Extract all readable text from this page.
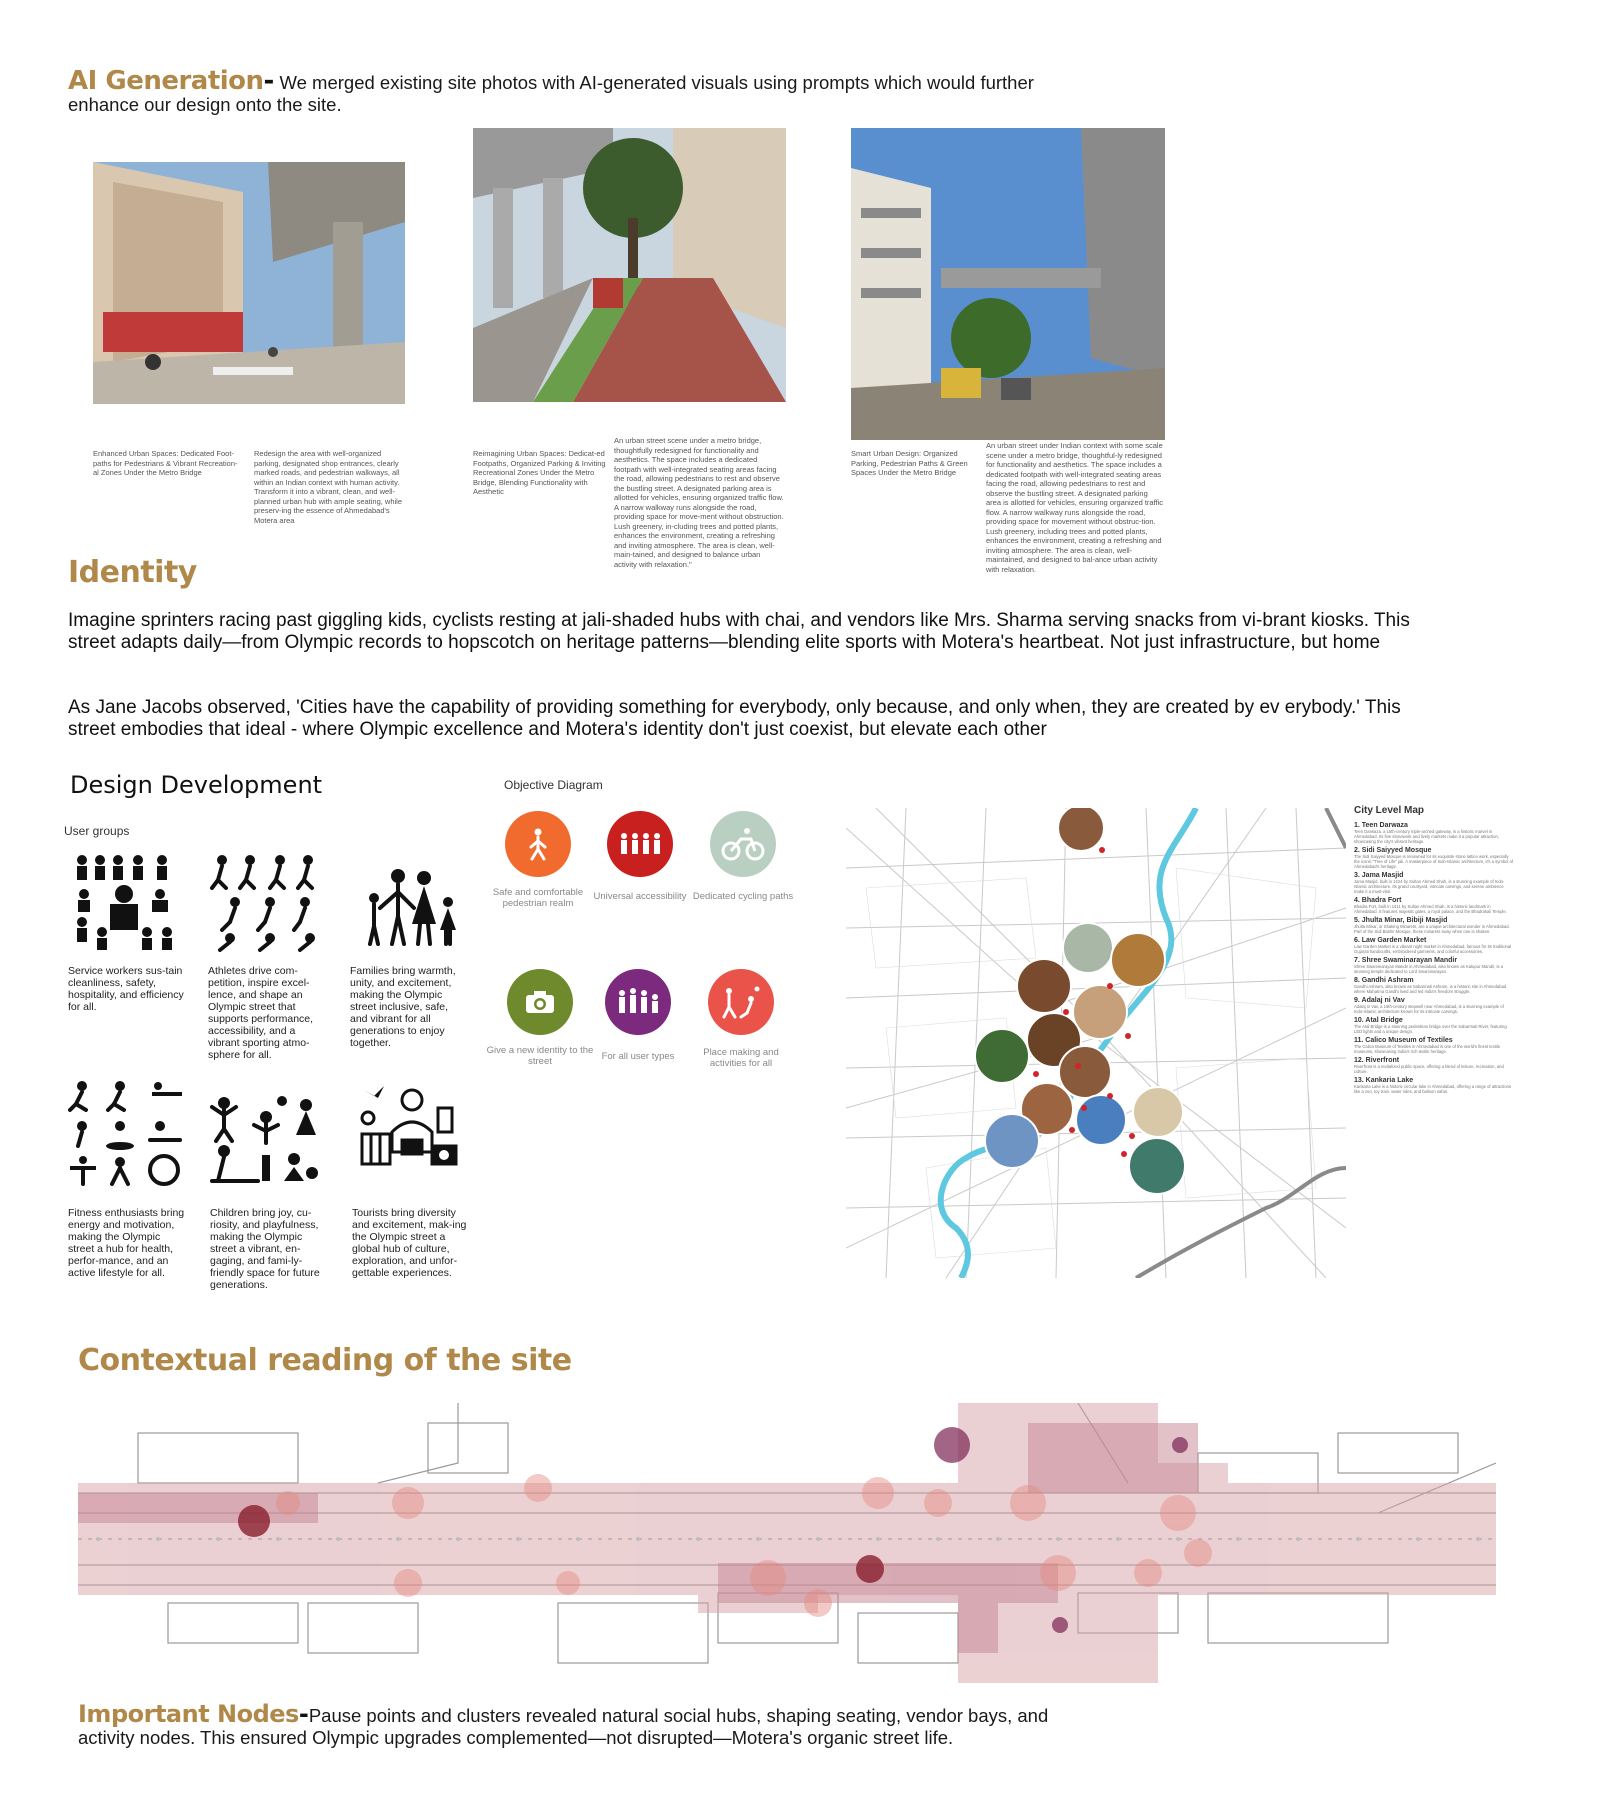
AI Generation- We merged existing site photos with AI-generated visuals using prompts which would further enhance our design onto the site.
Enhanced Urban Spaces: Dedicated Foot-paths for Pedestrians & Vibrant Recreation-al Zones Under the Metro Bridge
Redesign the area with well-organized parking, designated shop entrances, clearly marked roads, and pedestrian walkways, all within an Indian context with human activity. Transform it into a vibrant, clean, and well-planned urban hub with ample seating, while preserv-ing the essence of Ahmedabad's Motera area
Reimagining Urban Spaces: Dedicat-ed Footpaths, Organized Parking & Inviting Recreational Zones Under the Metro Bridge, Blending Functionality with Aesthetic
An urban street scene under a metro bridge, thoughtfully redesigned for functionality and aesthetics. The space includes a dedicated footpath with well-integrated seating areas facing the road, allowing pedestrians to rest and observe the bustling street. A designated parking area is allotted for vehicles, ensuring organized traffic flow. A narrow walkway runs alongside the road, providing space for move-ment without obstruction. Lush greenery, in-cluding trees and potted plants, enhances the environment, creating a refreshing and inviting atmosphere. The area is clean, well-main-tained, and designed to balance urban activity with relaxation."
Smart Urban Design: Organized Parking, Pedestrian Paths & Green Spaces Under the Metro Bridge
An urban street under Indian context with some scale scene under a metro bridge, thoughtful-ly redesigned for functionality and aesthetics. The space includes a dedicated footpath with well-integrated seating areas facing the road, allowing pedestrians to rest and observe the bustling street. A designated parking area is allotted for vehicles, ensuring organized traffic flow. A narrow walkway runs alongside the road, providing space for movement without obstruc-tion. Lush greenery, including trees and potted plants, enhances the environment, creating a refreshing and inviting atmosphere. The area is clean, well-maintained, and designed to bal-ance urban activity with relaxation.
Identity
Imagine sprinters racing past giggling kids, cyclists resting at jali-shaded hubs with chai, and vendors like Mrs. Sharma serving snacks from vi-brant kiosks. This street adapts daily—from Olympic records to hopscotch on heritage patterns—blending elite sports with Motera's heartbeat. Not just infrastructure, but home
As Jane Jacobs observed, 'Cities have the capability of providing something for everybody, only because, and only when, they are created by ev erybody.' This street embodies that ideal - where Olympic excellence and Motera's identity don't just coexist, but elevate each other
Design Development
User groups
Service workers sus-tain cleanliness, safety, hospitality, and efficiency for all.
Athletes drive com-petition, inspire excel-lence, and shape an Olympic street that supports performance, accessibility, and a vibrant sporting atmo-sphere for all.
Families bring warmth, unity, and excitement, making the Olympic street inclusive, safe, and vibrant for all generations to enjoy together.
Fitness enthusiasts bring energy and motivation, making the Olympic street a hub for health, perfor-mance, and an active lifestyle for all.
Children bring joy, cu-riosity, and playfulness, making the Olympic street a vibrant, en-gaging, and fami-ly-friendly space for future generations.
Tourists bring diversity and excitement, mak-ing the Olympic street a global hub of culture, exploration, and unfor-gettable experiences.
Objective Diagram
Safe and comfortable pedestrian realm
Universal accessibility Dedicated cycling paths
Give a new identity to the street	For all user types	Place making and activities for all
City Level Map
1. Teen Darwaza
Teen Darwaza, a 15th-century triple-arched gateway, is a historic marvel in Ahmedabad. Its fine stonework and lively markets make it a popular attraction, showcasing the city's vibrant heritage.
2. Sidi Saiyyed Mosque
The Sidi Saiyyed Mosque is renowned for its exquisite stone lattice work, especially the iconic "Tree of Life" jali. A masterpiece of Indo-Islamic architecture, it's a symbol of Ahmedabad's heritage.
3. Jama Masjid
Jama Masjid, built in 1424 by Sultan Ahmed Shah, is a stunning example of Indo-Islamic architecture. Its grand courtyard, intricate carvings, and serene ambience make it a must-visit.
4. Bhadra Fort
Bhadra Fort, built in 1411 by Sultan Ahmed Shah, is a historic landmark in Ahmedabad. It features majestic gates, a royal palace, and the Bhadrakali Temple.
5. Jhulta Minar, Bibiji Masjid
Jhulta Minar, or Shaking Minarets, are a unique architectural wonder in Ahmedabad. Part of the Sidi Bashir Mosque, these minarets sway when one is shaken.
6. Law Garden Market
Law Garden Market is a vibrant night market in Ahmedabad, famous for its traditional Gujarati handicrafts, embroidered garments, and colorful accessories.
7. Shree Swaminarayan Mandir
Shree Swaminarayan Mandir in Ahmedabad, also known as Kalupur Mandir, is a stunning temple dedicated to Lord Swaminarayan.
8. Gandhi Ashram
Gandhi Ashram, also known as Sabarmati Ashram, is a historic site in Ahmedabad where Mahatma Gandhi lived and led India's freedom struggle.
9. Adalaj ni Vav
Adalaj ni Vav, a 15th-century stepwell near Ahmedabad, is a stunning example of Indo-Islamic architecture known for its intricate carvings.
10. Atal Bridge
The Atal Bridge is a stunning pedestrian bridge over the Sabarmati River, featuring LED lights and a unique design.
11. Calico Museum of Textiles
The Calico Museum of Textiles in Ahmedabad is one of the world's finest textile museums, showcasing India's rich textile heritage.
12. Riverfront
Riverfront is a revitalized public space, offering a blend of leisure, recreation, and culture.
13. Kankaria Lake
Kankaria Lake is a historic circular lake in Ahmedabad, offering a range of attractions like a zoo, toy train, water rides, and balloon safari.
Contextual reading of the site
Important Nodes-Pause points and clusters revealed natural social hubs, shaping seating, vendor bays, and activity nodes. This ensured Olympic upgrades complemented—not disrupted—Motera's organic street life.
